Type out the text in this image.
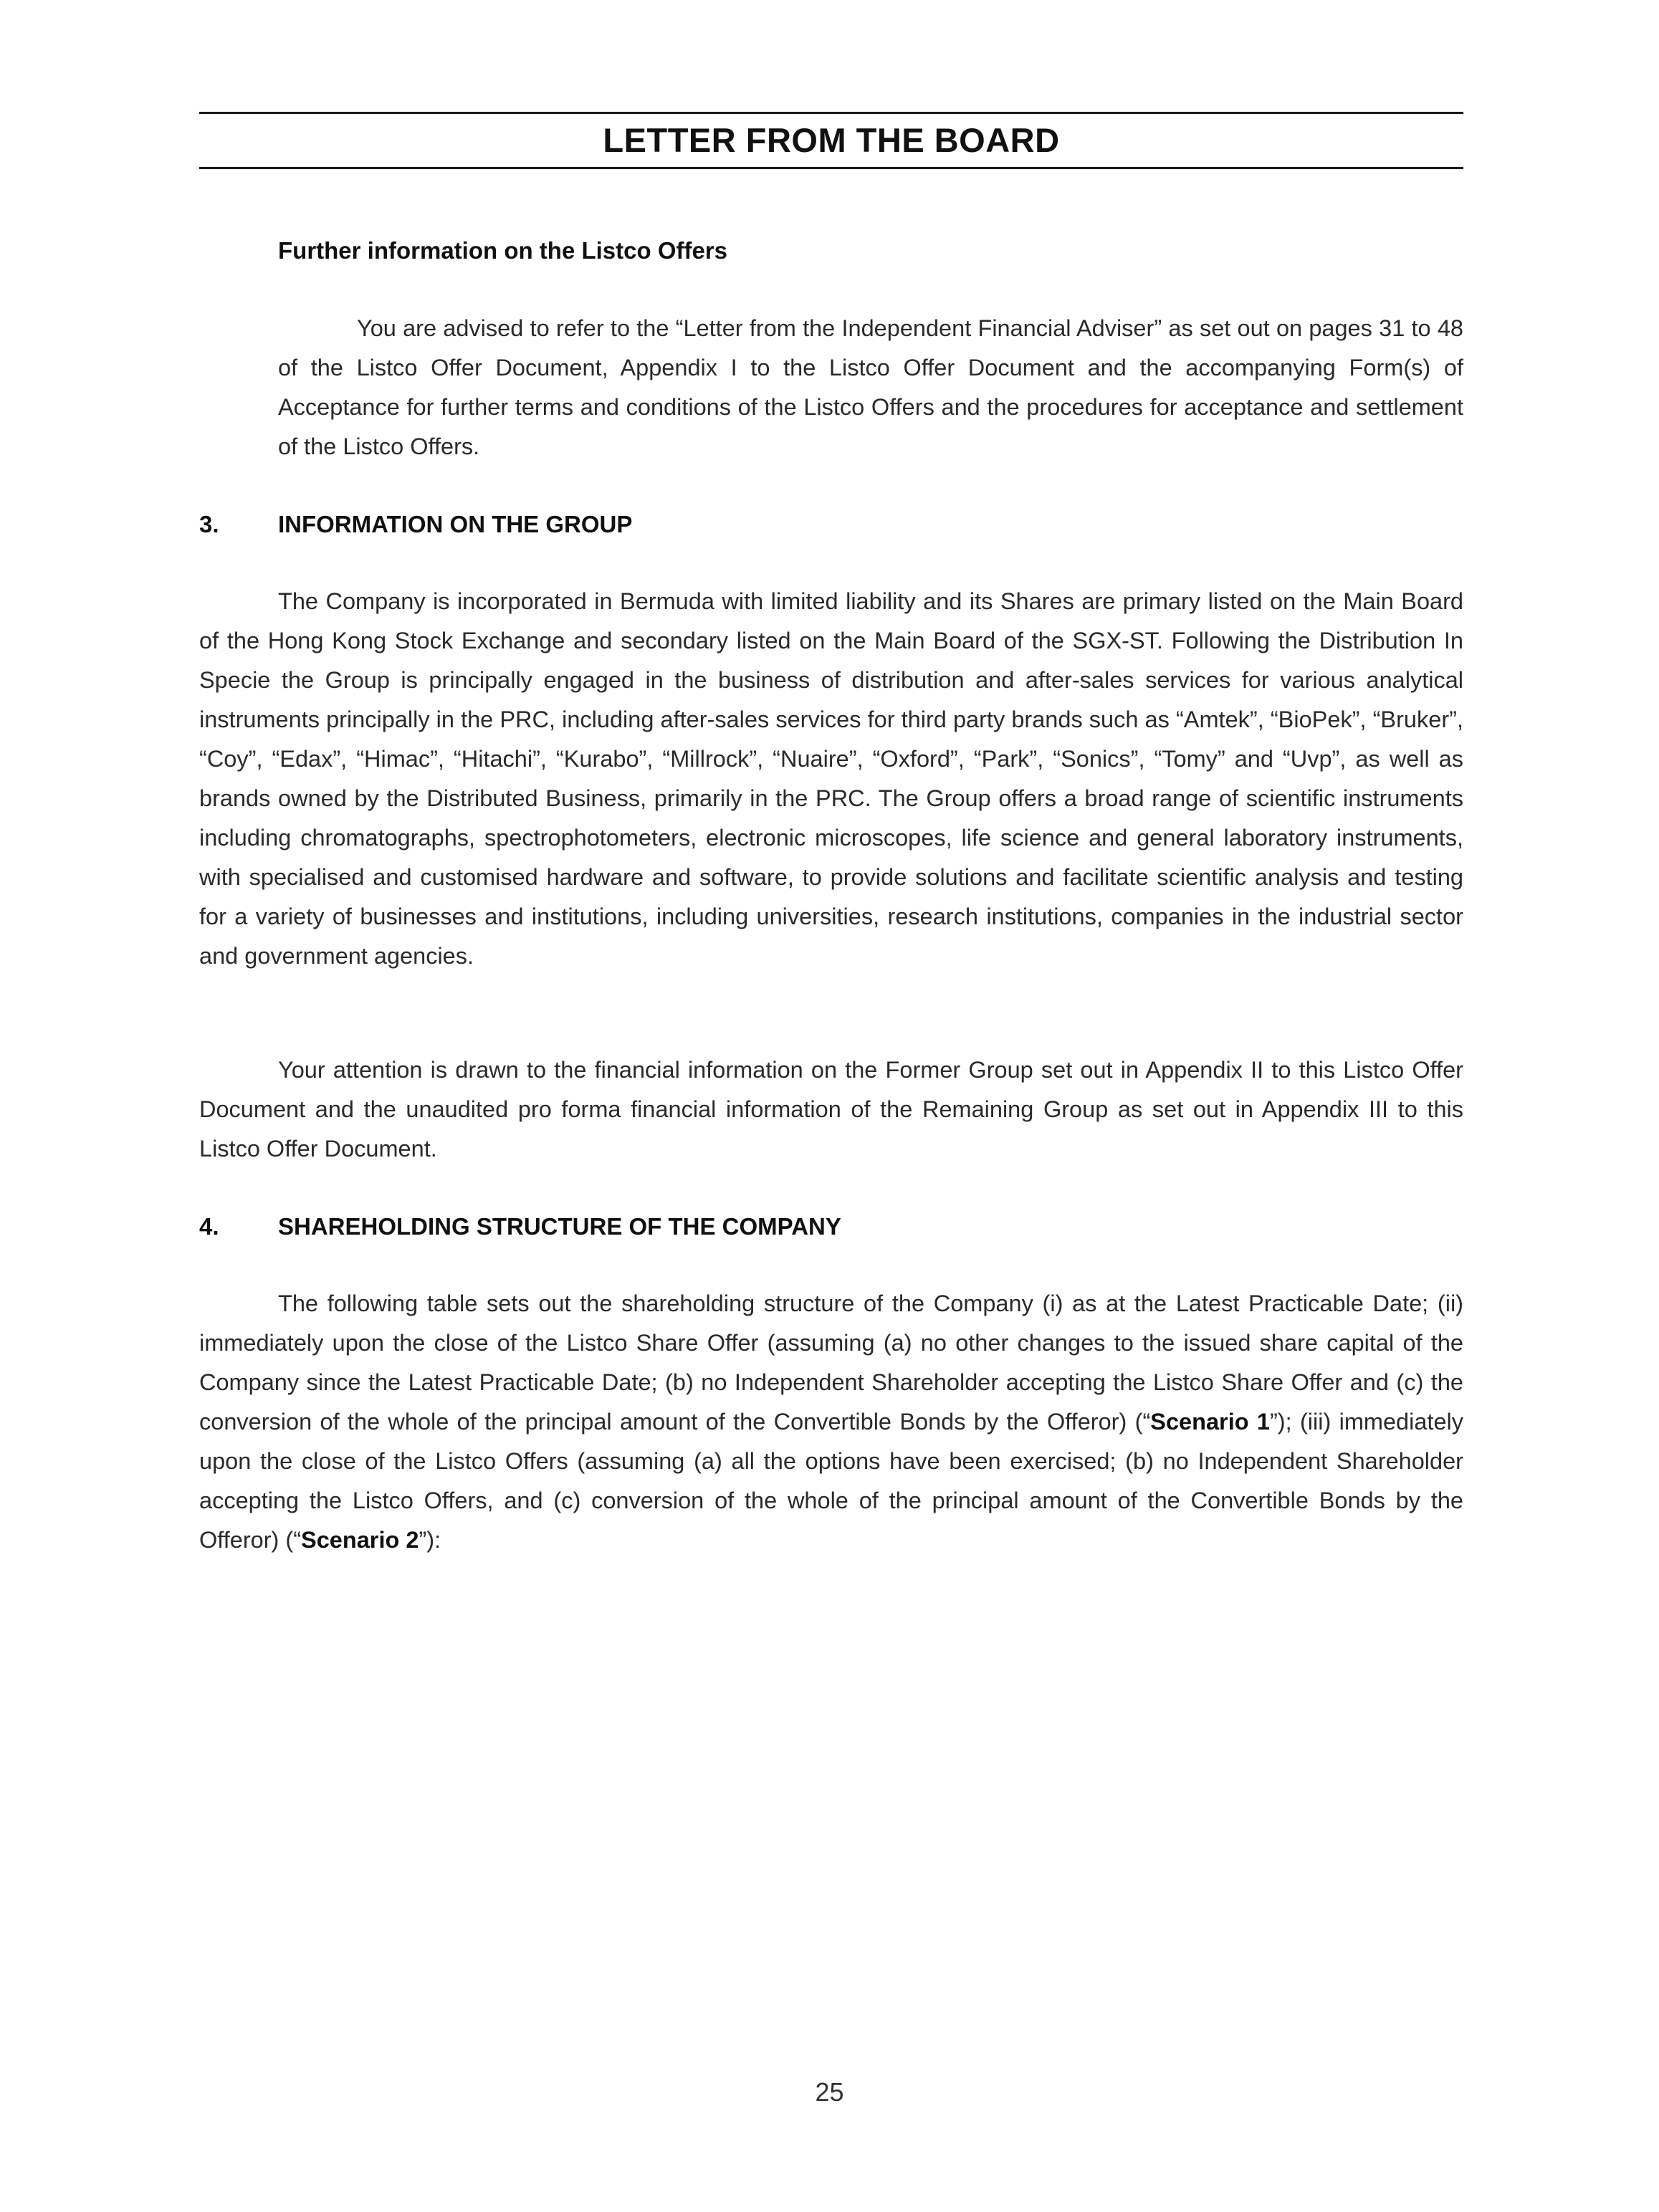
LETTER FROM THE BOARD
Further information on the Listco Offers
You are advised to refer to the “Letter from the Independent Financial Adviser” as set out on pages 31 to 48 of the Listco Offer Document, Appendix I to the Listco Offer Document and the accompanying Form(s) of Acceptance for further terms and conditions of the Listco Offers and the procedures for acceptance and settlement of the Listco Offers.
3. INFORMATION ON THE GROUP
The Company is incorporated in Bermuda with limited liability and its Shares are primary listed on the Main Board of the Hong Kong Stock Exchange and secondary listed on the Main Board of the SGX-ST. Following the Distribution In Specie the Group is principally engaged in the business of distribution and after-sales services for various analytical instruments principally in the PRC, including after-sales services for third party brands such as “Amtek”, “BioPek”, “Bruker”, “Coy”, “Edax”, “Himac”, “Hitachi”, “Kurabo”, “Millrock”, “Nuaire”, “Oxford”, “Park”, “Sonics”, “Tomy” and “Uvp”, as well as brands owned by the Distributed Business, primarily in the PRC. The Group offers a broad range of scientific instruments including chromatographs, spectrophotometers, electronic microscopes, life science and general laboratory instruments, with specialised and customised hardware and software, to provide solutions and facilitate scientific analysis and testing for a variety of businesses and institutions, including universities, research institutions, companies in the industrial sector and government agencies.
Your attention is drawn to the financial information on the Former Group set out in Appendix II to this Listco Offer Document and the unaudited pro forma financial information of the Remaining Group as set out in Appendix III to this Listco Offer Document.
4. SHAREHOLDING STRUCTURE OF THE COMPANY
The following table sets out the shareholding structure of the Company (i) as at the Latest Practicable Date; (ii) immediately upon the close of the Listco Share Offer (assuming (a) no other changes to the issued share capital of the Company since the Latest Practicable Date; (b) no Independent Shareholder accepting the Listco Share Offer and (c) the conversion of the whole of the principal amount of the Convertible Bonds by the Offeror) (“Scenario 1”); (iii) immediately upon the close of the Listco Offers (assuming (a) all the options have been exercised; (b) no Independent Shareholder accepting the Listco Offers, and (c) conversion of the whole of the principal amount of the Convertible Bonds by the Offeror) (“Scenario 2”):
25
